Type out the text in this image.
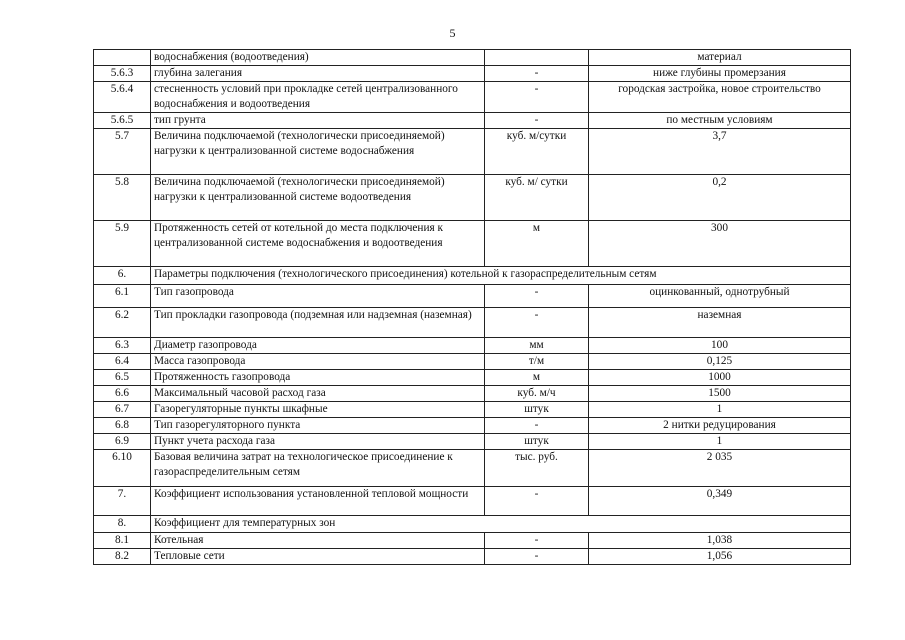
5
	водоснабжения (водоотведения)		материал
5.6.3	глубина залегания	-	ниже глубины промерзания
5.6.4	стесненность условий при прокладке сетей централизованного водоснабжения и водоотведения	-	городская застройка, новое строительство
5.6.5	тип грунта	-	по местным условиям
5.7	Величина подключаемой (технологически присоединяемой) нагрузки к централизованной системе водоснабжения	куб. м/сутки	3,7
5.8	Величина подключаемой (технологически присоединяемой) нагрузки к централизованной системе водоотведения	куб. м/ сутки	0,2
5.9	Протяженность сетей от котельной до места подключения к централизованной системе водоснабжения и водоотведения	м	300
6.	Параметры подключения (технологического присоединения) котельной к газораспределительным сетям		
6.1	Тип газопровода	-	оцинкованный, однотрубный
6.2	Тип прокладки газопровода (подземная или надземная (наземная)	-	наземная
6.3	Диаметр газопровода	мм	100
6.4	Масса газопровода	т/м	0,125
6.5	Протяженность газопровода	м	1000
6.6	Максимальный часовой расход газа	куб. м/ч	1500
6.7	Газорегуляторные пункты шкафные	штук	1
6.8	Тип газорегуляторного пункта	-	2 нитки редуцирования
6.9	Пункт учета расхода газа	штук	1
6.10	Базовая величина затрат на технологическое присоединение к газораспределительным сетям	тыс. руб.	2 035
7.	Коэффициент использования установленной тепловой мощности	-	0,349
8.	Коэффициент для температурных зон		
8.1	Котельная	-	1,038
8.2	Тепловые сети	-	1,056
